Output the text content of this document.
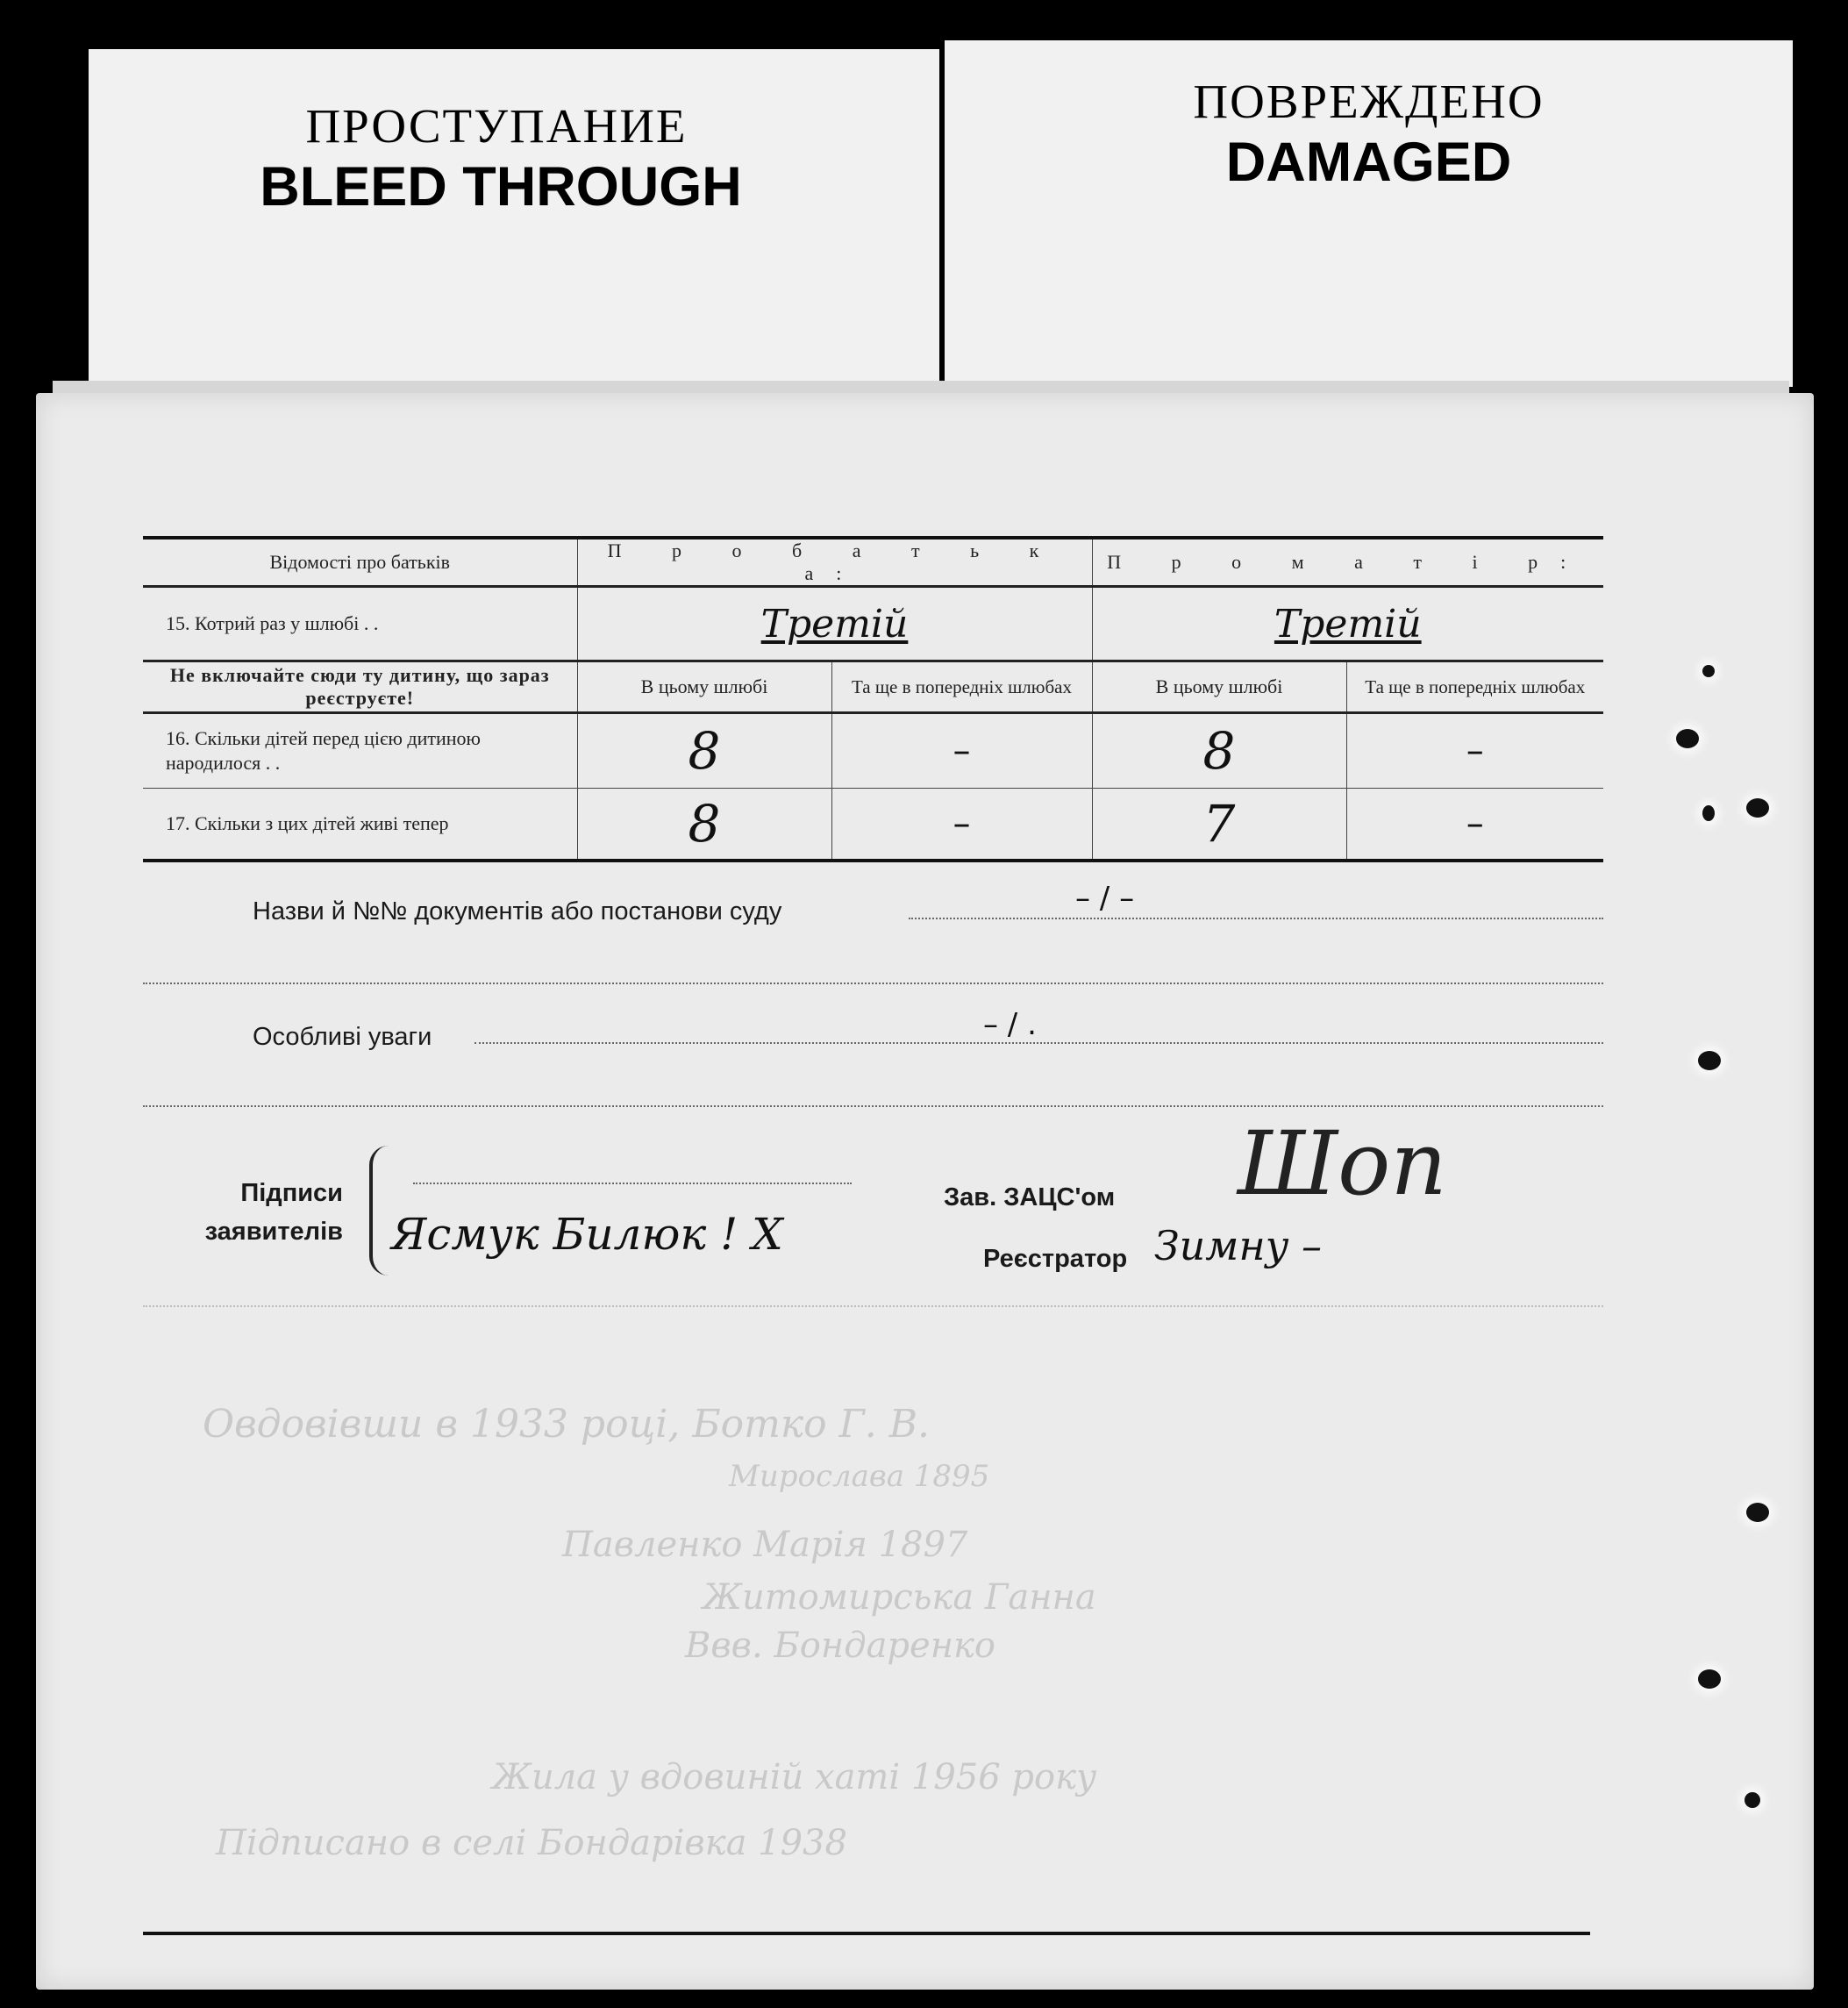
ПРОСТУПАНИЕ
BLEED THROUGH
ПОВРЕЖДЕНО
DAMAGED
Овдовівши в 1933 році, Ботко Г. В.
Мирослава 1895
Павленко Марія 1897
Житомирська Ганна
Ввв. Бондаренко
Жила у вдовиній хаті 1956 року
Підписано в селі Бондарівка 1938
Відомості про батьків	П р о б а т ь к а:		П р о м а т і р:	
15. Котрий раз у шлюбі . .	Третій		Третій	
Не включайте сюди ту дитину, що зараз реєструєте!	В цьому шлюбі	Та ще в попередніх шлюбах	В цьому шлюбі	Та ще в попередніх шлюбах
16. Скільки дітей перед цією дитиною народилося . .	8	–	8	–
17. Скільки з цих дітей живі тепер	8	–	7	–
Назви й №№ документів або постанови суду	– / –
Особливі уваги	– / .
Підписи заявителів Ясмук Билюк ! Х
Зав. ЗАЦС'ом Шоп
Реєстратор Зимну –
